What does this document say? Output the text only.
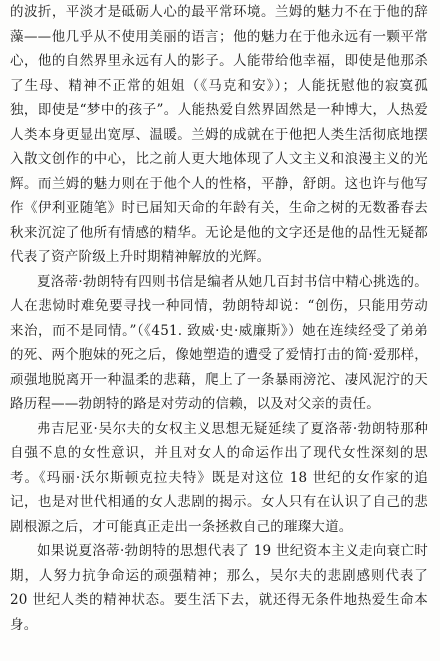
的波折，平淡才是砥砺人心的最平常环境。兰姆的魅力不在于他的辞藻——他几乎从不使用美丽的语言；他的魅力在于他永远有一颗平常心，他的自然界里永远有人的影子。人能带给他幸福，即使是他那杀了生母、精神不正常的姐姐（《马克和安》）；人能抚慰他的寂寞孤独，即使是“梦中的孩子”。人能热爱自然界固然是一种博大，人热爱人类本身更显出宽厚、温暖。兰姆的成就在于他把人类生活彻底地摆入散文创作的中心，比之前人更大地体现了人文主义和浪漫主义的光辉。而兰姆的魅力则在于他个人的性格，平静，舒朗。这也许与他写作《伊利亚随笔》时已届知天命的年龄有关，生命之树的无数番春去秋来沉淀了他所有情感的精华。无论是他的文字还是他的品性无疑都代表了资产阶级上升时期精神解放的光辉。

夏洛蒂·勃朗特有四则书信是编者从她几百封书信中精心挑选的。人在悲恸时难免要寻找一种同情，勃朗特却说：“创伤，只能用劳动来治，而不是同情。”（《451. 致威·史·威廉斯》）她在连续经受了弟弟的死、两个胞妹的死之后，像她塑造的遭受了爱情打击的简·爱那样，顽强地脱离开一种温柔的悲藉，爬上了一条暴雨滂沱、凄风泥泞的天路历程——勃朗特的路是对劳动的信赖，以及对父亲的责任。

弗吉尼亚·吴尔夫的女权主义思想无疑延续了夏洛蒂·勃朗特那种自强不息的女性意识，并且对女人的命运作出了现代女性深刻的思考。《玛丽·沃尔斯顿克拉夫特》既是对这位 18 世纪的女作家的追记，也是对世代相通的女人悲剧的揭示。女人只有在认识了自己的悲剧根源之后，才可能真正走出一条拯救自己的璀璨大道。

如果说夏洛蒂·勃朗特的思想代表了 19 世纪资本主义走向衰亡时期，人努力抗争命运的顽强精神；那么，吴尔夫的悲剧感则代表了 20 世纪人类的精神状态。要生活下去，就还得无条件地热爱生命本身。
